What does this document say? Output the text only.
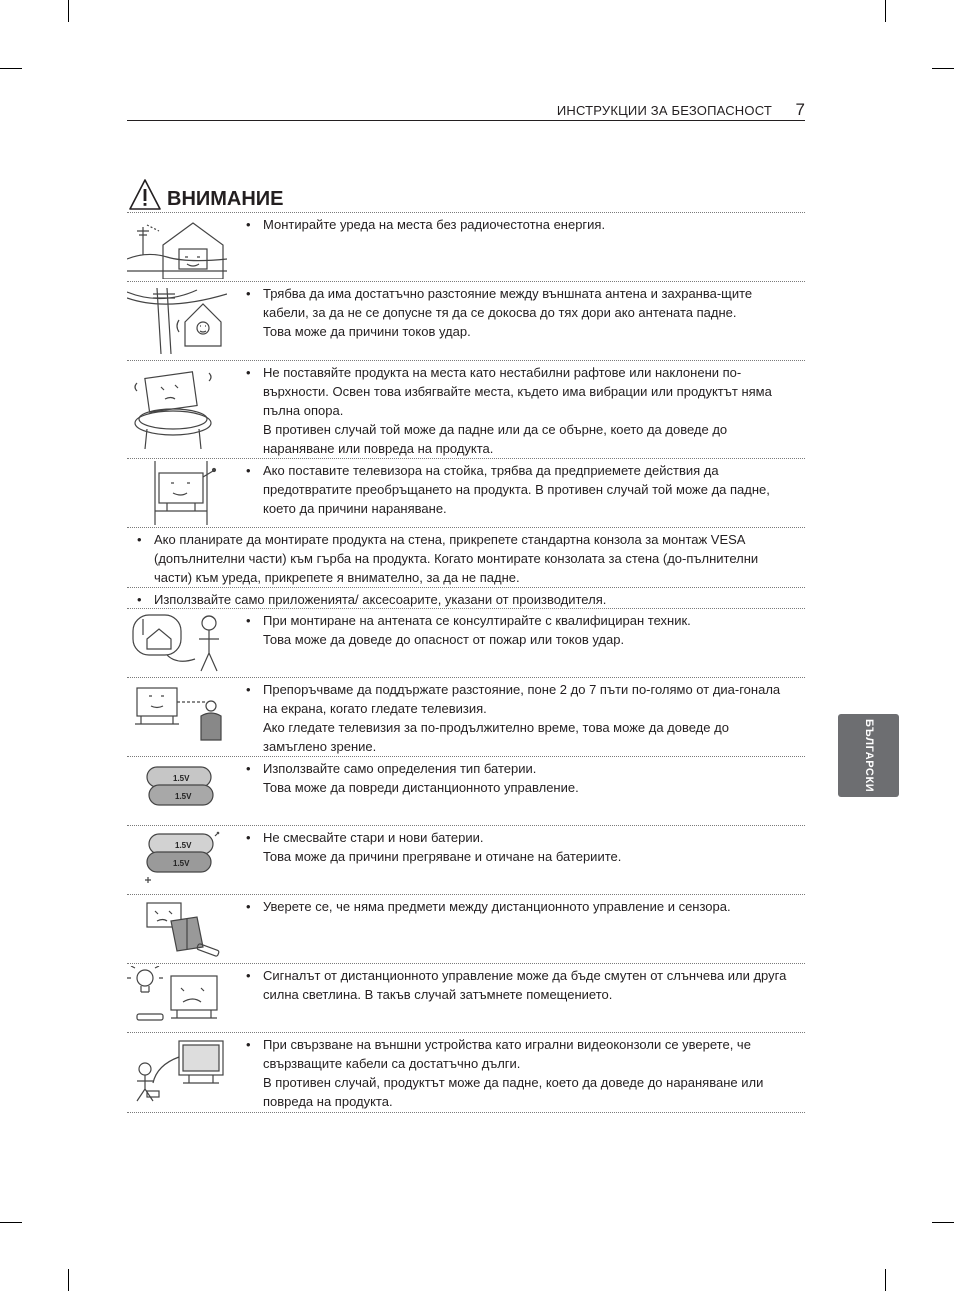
ИНСТРУКЦИИ ЗА БЕЗОПАСНОСТ 7
ВНИМАНИЕ

• Монтирайте уреда на места без радиочестотна енергия.

• Трябва да има достатъчно разстояние между външната антена и захранва-щите кабели, за да не се допусне тя да се докосва до тях дори ако антената падне.

Това може да причини токов удар.

• Не поставяйте продукта на места като нестабилни рафтове или наклонени по-върхности. Освен това избягвайте места, където има вибрации или продуктът няма пълна опора.

В противен случай той може да падне или да се обърне, което да доведе до нараняване или повреда на продукта.

• Ако поставите телевизора на стойка, трябва да предприемете действия да предотвратите преобръщането на продукта. В противен случай той може да падне, което да причини нараняване.

• Ако планирате да монтирате продукта на стена, прикрепете стандартна конзола за монтаж VESA (допълнителни части) към гърба на продукта. Когато монтирате конзолата за стена (до-пълнителни части) към уреда, прикрепете я внимателно, за да не падне.

• Използвайте само приложенията/ аксесоарите, указани от производителя.

• При монтиране на антената се консултирайте с квалифициран техник.

Това може да доведе до опасност от пожар или токов удар.

• Препоръчваме да поддържате разстояние, поне 2 до 7 пъти по-голямо от диа-гонала на екрана, когато гледате телевизия.

Ако гледате телевизия за по-продължително време, това може да доведе до замъглено зрение.

1.5V
1.5V

• Използвайте само определения тип батерии.

Това може да повреди дистанционното управление.

1.5V
1.5V

• Не смесвайте стари и нови батерии.

Това може да причини прегряване и отичане на батериите.

• Уверете се, че няма предмети между дистанционното управление и сензора.

• Сигналът от дистанционното управление може да бъде смутен от слънчева или друга силна светлина. В такъв случай затъмнете помещението.

• При свързване на външни устройства като игрални видеоконзоли се уверете, че свързващите кабели са достатъчно дълги.

В противен случай, продуктът може да падне, което да доведе до нараняване или повреда на продукта.

БЪЛГАРСКИ
